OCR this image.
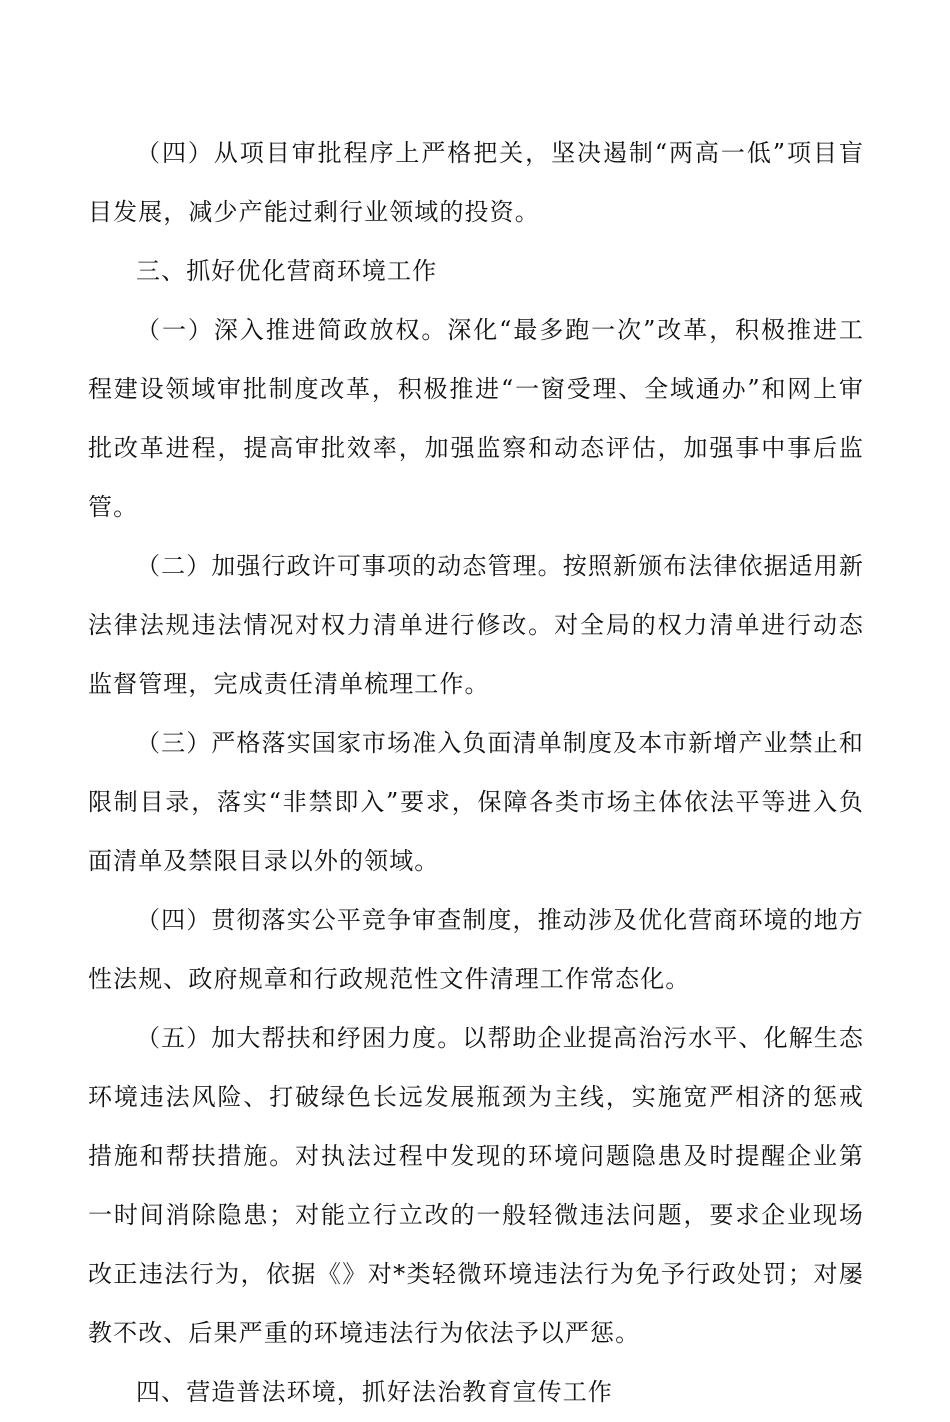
（四）从项目审批程序上严格把关，坚决遏制“两高一低”项目盲目发展，减少产能过剩行业领域的投资。

三、抓好优化营商环境工作

（一）深入推进简政放权。深化“最多跑一次”改革，积极推进工程建设领域审批制度改革，积极推进“一窗受理、全域通办”和网上审批改革进程，提高审批效率，加强监察和动态评估，加强事中事后监管。

（二）加强行政许可事项的动态管理。按照新颁布法律依据适用新法律法规违法情况对权力清单进行修改。对全局的权力清单进行动态监督管理，完成责任清单梳理工作。

（三）严格落实国家市场准入负面清单制度及本市新增产业禁止和限制目录，落实“非禁即入”要求，保障各类市场主体依法平等进入负面清单及禁限目录以外的领域。

（四）贯彻落实公平竞争审查制度，推动涉及优化营商环境的地方性法规、政府规章和行政规范性文件清理工作常态化。

（五）加大帮扶和纾困力度。以帮助企业提高治污水平、化解生态环境违法风险、打破绿色长远发展瓶颈为主线，实施宽严相济的惩戒措施和帮扶措施。对执法过程中发现的环境问题隐患及时提醒企业第一时间消除隐患；对能立行立改的一般轻微违法问题，要求企业现场改正违法行为，依据《》对*类轻微环境违法行为免予行政处罚；对屡教不改、后果严重的环境违法行为依法予以严惩。

四、营造普法环境，抓好法治教育宣传工作
